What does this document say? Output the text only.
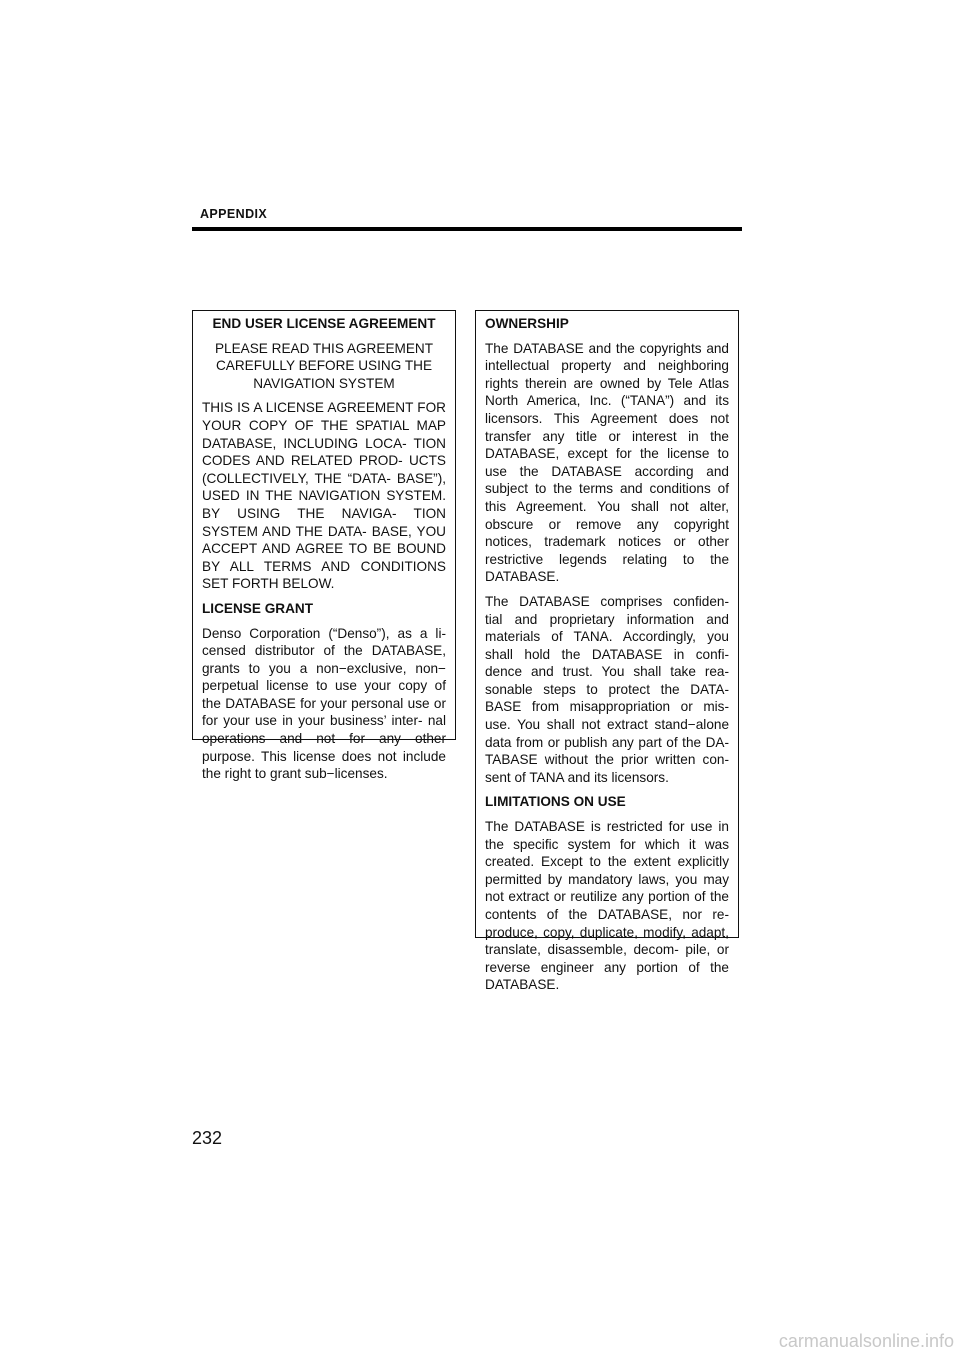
APPENDIX
END USER LICENSE AGREEMENT

PLEASE READ THIS AGREEMENT CAREFULLY BEFORE USING THE NAVIGATION SYSTEM

THIS IS A LICENSE AGREEMENT FOR YOUR COPY OF THE SPATIAL MAP DATABASE, INCLUDING LOCA- TION CODES AND RELATED PROD- UCTS (COLLECTIVELY, THE “DATA- BASE”), USED IN THE NAVIGATION SYSTEM. BY USING THE NAVIGA- TION SYSTEM AND THE DATA- BASE, YOU ACCEPT AND AGREE TO BE BOUND BY ALL TERMS AND CONDITIONS SET FORTH BELOW.

LICENSE GRANT

Denso Corporation (“Denso”), as a li- censed distributor of the DATABASE, grants to you a non−exclusive, non− perpetual license to use your copy of the DATABASE for your personal use or for your use in your business’ inter- nal operations and not for any other purpose. This license does not include the right to grant sub−licenses.

OWNERSHIP

The DATABASE and the copyrights and intellectual property and neighboring rights therein are owned by Tele Atlas North America, Inc. (“TANA”) and its licensors. This Agreement does not transfer any title or interest in the DATABASE, except for the license to use the DATABASE according and subject to the terms and conditions of this Agreement. You shall not alter, obscure or remove any copyright notices, trademark notices or other restrictive legends relating to the DATABASE.

The DATABASE comprises confiden- tial and proprietary information and materials of TANA. Accordingly, you shall hold the DATABASE in confi- dence and trust. You shall take rea- sonable steps to protect the DATA- BASE from misappropriation or mis- use. You shall not extract stand−alone data from or publish any part of the DA- TABASE without the prior written con- sent of TANA and its licensors.

LIMITATIONS ON USE

The DATABASE is restricted for use in the specific system for which it was created. Except to the extent explicitly permitted by mandatory laws, you may not extract or reutilize any portion of the contents of the DATABASE, nor re- produce, copy, duplicate, modify, adapt, translate, disassemble, decom- pile, or reverse engineer any portion of the DATABASE.

232
carmanualsonline.info
